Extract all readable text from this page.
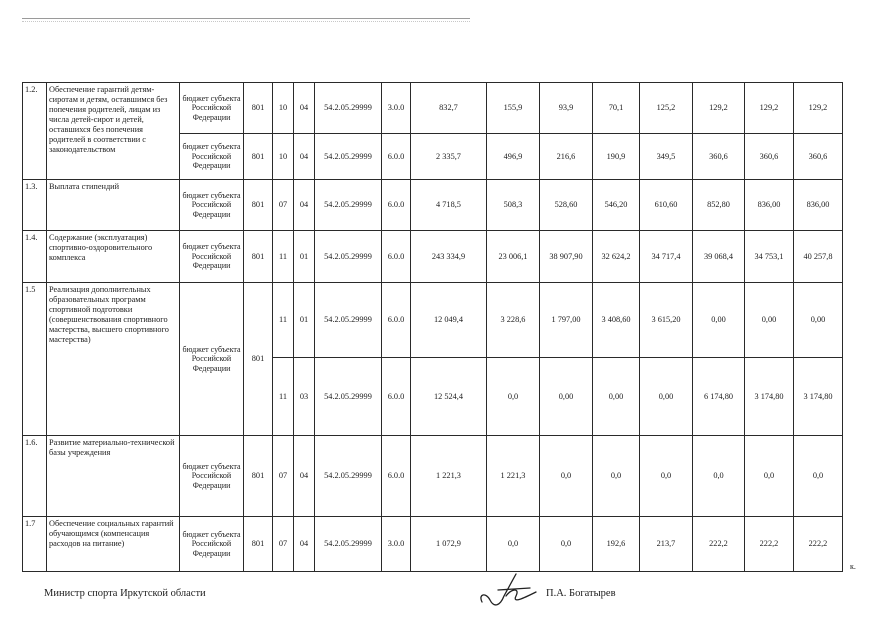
1.2.	Обеспечение гарантий детям-сиротам и детям, оставшимся без попечения родителей, лицам из числа детей-сирот и детей, оставшихся без попечения родителей в соответствии с законодательством	бюджет субъекта Российской Федерации	801	10	04	54.2.05.29999	3.0.0	832,7	155,9	93,9	70,1	125,2	129,2	129,2	129,2
		бюджет субъекта Российской Федерации	801	10	04	54.2.05.29999	6.0.0	2 335,7	496,9	216,6	190,9	349,5	360,6	360,6	360,6
1.3.	Выплата стипендий	бюджет субъекта Российской Федерации	801	07	04	54.2.05.29999	6.0.0	4 718,5	508,3	528,60	546,20	610,60	852,80	836,00	836,00
1.4.	Содержание (эксплуатация) спортивно-оздоровительного комплекса	бюджет субъекта Российской Федерации	801	11	01	54.2.05.29999	6.0.0	243 334,9	23 006,1	38 907,90	32 624,2	34 717,4	39 068,4	34 753,1	40 257,8
1.5	Реализация дополнительных образовательных программ спортивной подготовки (совершенствования спортивного мастерства, высшего спортивного мастерства)	бюджет субъекта Российской Федерации	801	11	01	54.2.05.29999	6.0.0	12 049,4	3 228,6	1 797,00	3 408,60	3 615,20	0,00	0,00	0,00
				11	03	54.2.05.29999	6.0.0	12 524,4	0,0	0,00	0,00	0,00	6 174,80	3 174,80	3 174,80
1.6.	Развитие материально-технической базы учреждения	бюджет субъекта Российской Федерации	801	07	04	54.2.05.29999	6.0.0	1 221,3	1 221,3	0,0	0,0	0,0	0,0	0,0	0,0
1.7	Обеспечение социальных гарантий обучающимся (компенсация расходов на питание)	бюджет субъекта Российской Федерации	801	07	04	54.2.05.29999	3.0.0	1 072,9	0,0	0,0	192,6	213,7	222,2	222,2	222,2
к.
Министр спорта Иркутской области	П.А. Богатырев
